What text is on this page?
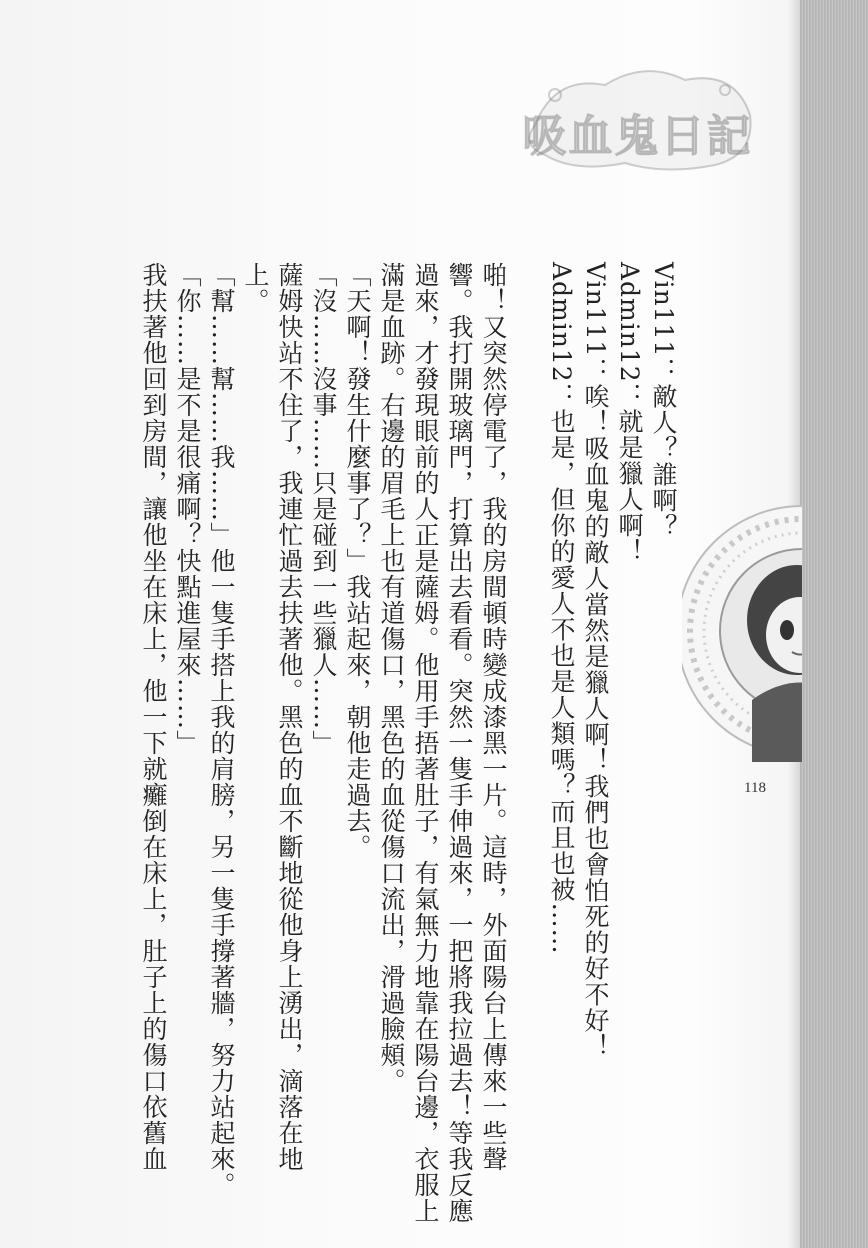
吸血鬼日記
118
Vin111：敵人？誰啊？
Admin12：就是獵人啊！
Vin111：唉！吸血鬼的敵人當然是獵人啊！我們也會怕死的好不好！
Admin12：也是，但你的愛人不也是人類嗎？而且也被……
啪！又突然停電了，我的房間頓時變成漆黑一片。這時，外面陽台上傳來一些聲
響。我打開玻璃門，打算出去看看。突然一隻手伸過來，一把將我拉過去！等我反應
過來，才發現眼前的人正是薩姆。他用手捂著肚子，有氣無力地靠在陽台邊，衣服上
滿是血跡。右邊的眉毛上也有道傷口，黑色的血從傷口流出，滑過臉頰。
「天啊！發生什麼事了？」我站起來，朝他走過去。
「沒……沒事……只是碰到一些獵人……」
薩姆快站不住了，我連忙過去扶著他。黑色的血不斷地從他身上湧出，滴落在地
上。
「幫……幫……我……」他一隻手搭上我的肩膀，另一隻手撐著牆，努力站起來。
「你……是不是很痛啊？快點進屋來……」
我扶著他回到房間，讓他坐在床上，他一下就癱倒在床上，肚子上的傷口依舊血
